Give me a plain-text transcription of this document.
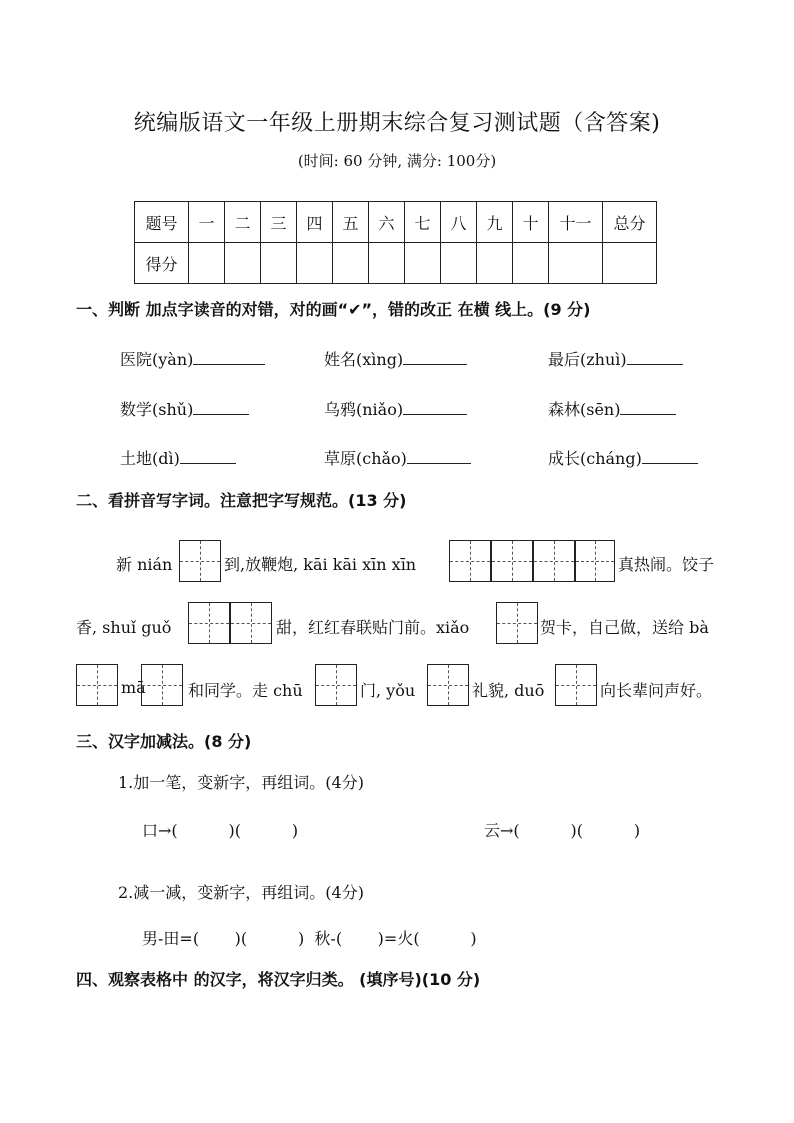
统编版语文一年级上册期末综合复习测试题（含答案)
(时间: 60 分钟, 满分: 100分)
题号	一	二	三	四	五	六	七	八	九	十	十一	总分
得分												
一、判断 加点字读音的对错，对的画“✔”，错的改正 在横 线上。(9 分)
医院(yàn)	姓名(xìng)	最后(zhuì)
数学(shǔ)	乌鸦(niǎo)	森林(sēn)
土地(dì)	草原(chǎo)	成长(cháng)
二、看拼音写字词。注意把字写规范。(13 分)
新 nián	到,放鞭炮, kāi kāi xīn xīn	真热闹。饺子
香, shuǐ guǒ	甜，红红春联贴门前。xiǎo	贺卡，自己做，送给 bà
mā	和同学。走 chū	门, yǒu	礼貌, duō	向长辈问声好。
三、汉字加减法。(8 分)
1.加一笔，变新字，再组词。(4分)
口→(          )(          )	云→(          )(          )
2.减一减，变新字，再组词。(4分)
男-田=(       )(          )  秋-(       )=火(          )
四、观察表格中 的汉字，将汉字归类。 (填序号)(10 分)
